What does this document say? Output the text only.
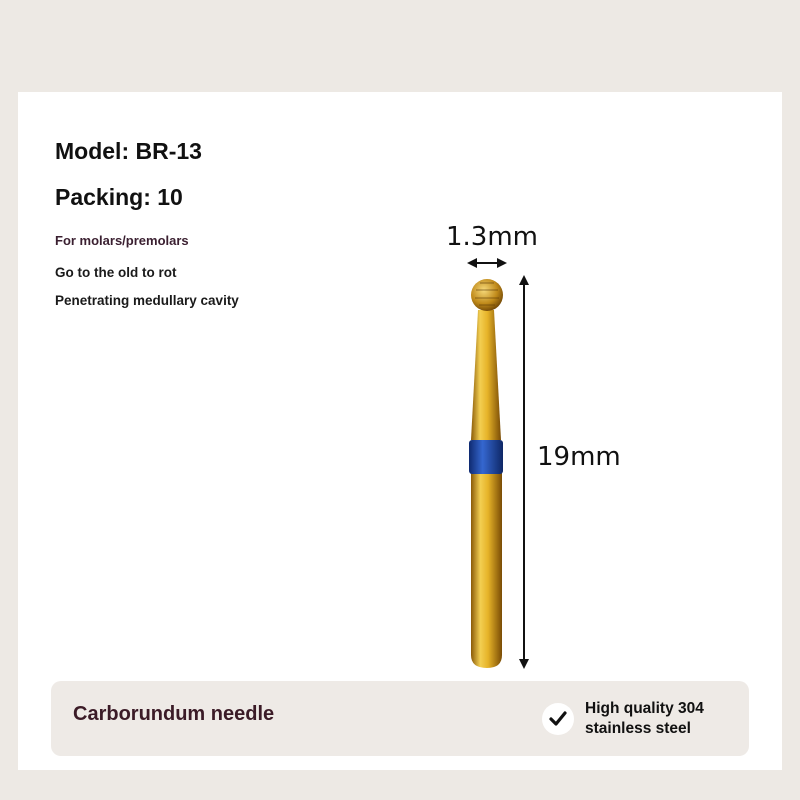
Model: BR-13
Packing: 10

For molars/premolars

Go to the old to rot

Penetrating medullary cavity

1.3mm
19mm
Carborundum needle	High quality 304 stainless steel
